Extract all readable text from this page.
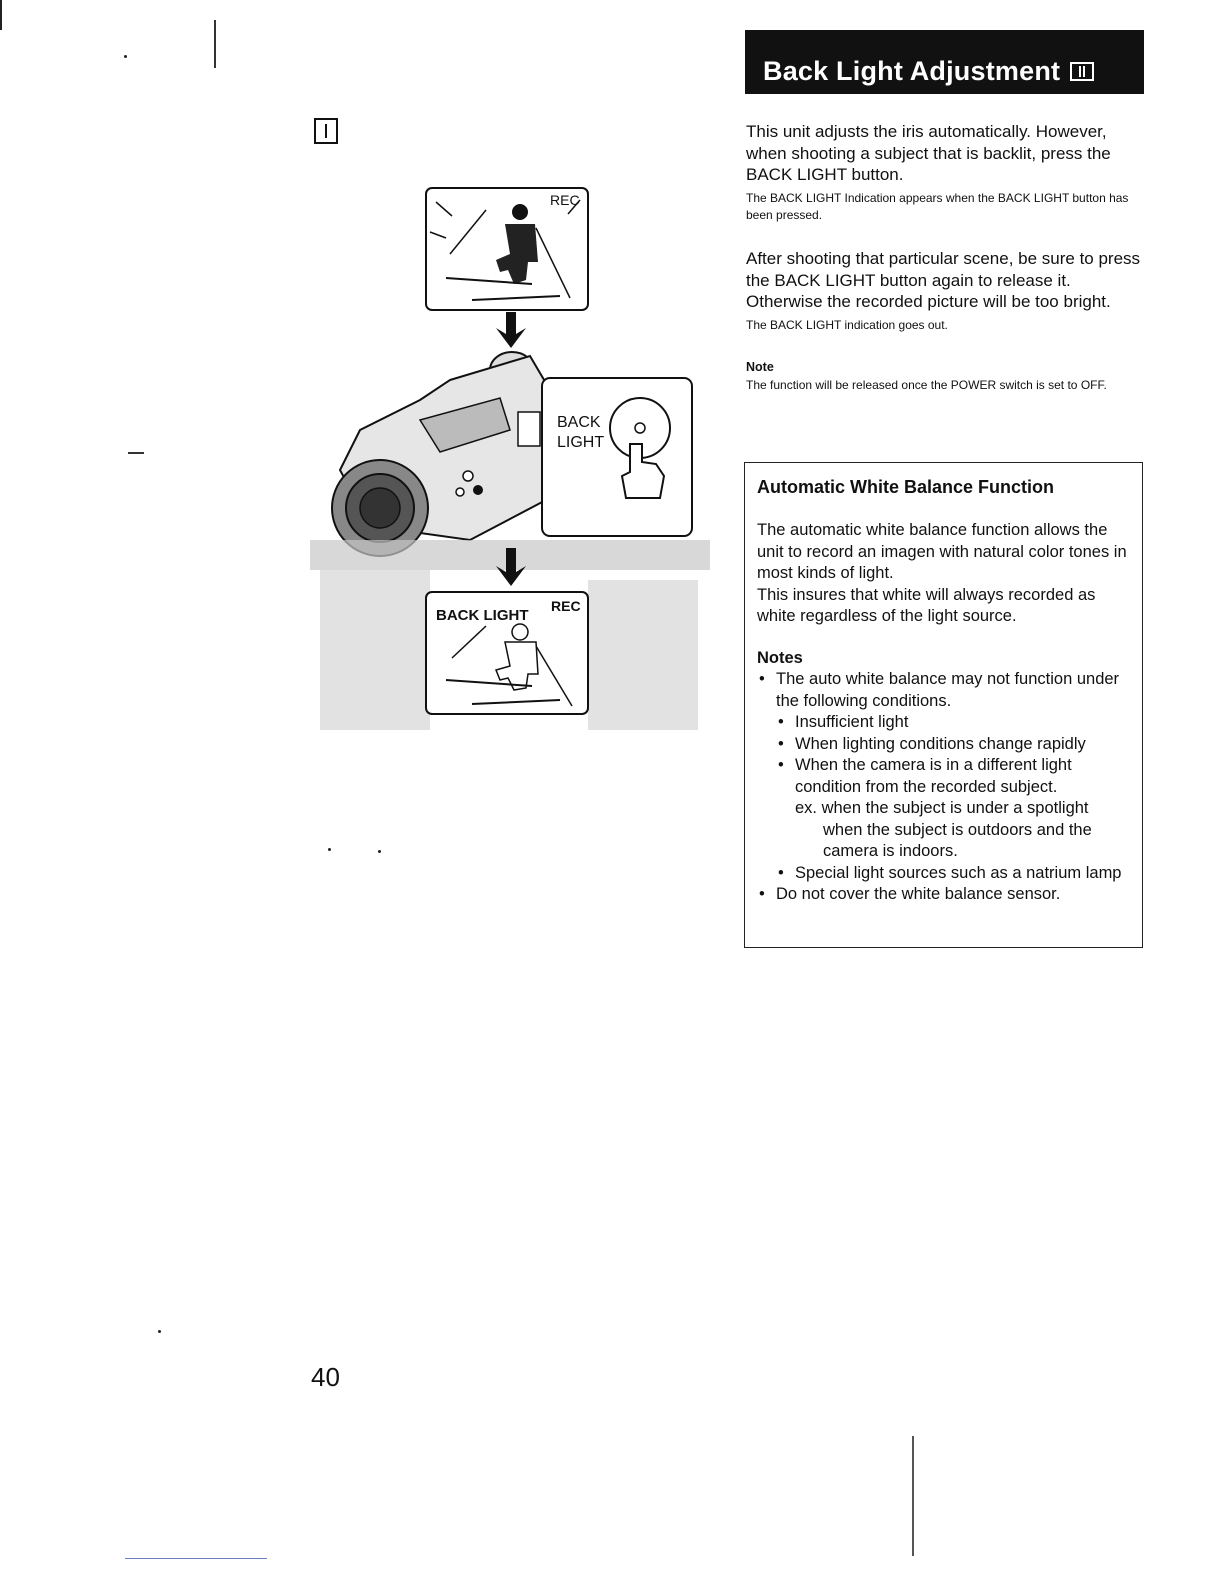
Back Light Adjustment
REC
BACK
LIGHT
BACK LIGHT
REC

This unit adjusts the iris automatically. However, when shooting a subject that is backlit, press the BACK LIGHT button.

The BACK LIGHT Indication appears when the BACK LIGHT button has been pressed.

After shooting that particular scene, be sure to press the BACK LIGHT button again to release it. Otherwise the recorded picture will be too bright.

The BACK LIGHT indication goes out.

Note

The function will be released once the POWER switch is set to OFF.

Automatic White Balance Function

The automatic white balance function allows the unit to record an imagen with natural color tones in most kinds of light.

This insures that white will always recorded as white regardless of the light source.

Notes
• The auto white balance may not function under the following conditions.
• Insufficient light
• When lighting conditions change rapidly
• When the camera is in a different light condition from the recorded subject.
ex. when the subject is under a spotlight
when the subject is outdoors and the camera is indoors.
• Special light sources such as a natrium lamp
• Do not cover the white balance sensor.
40
